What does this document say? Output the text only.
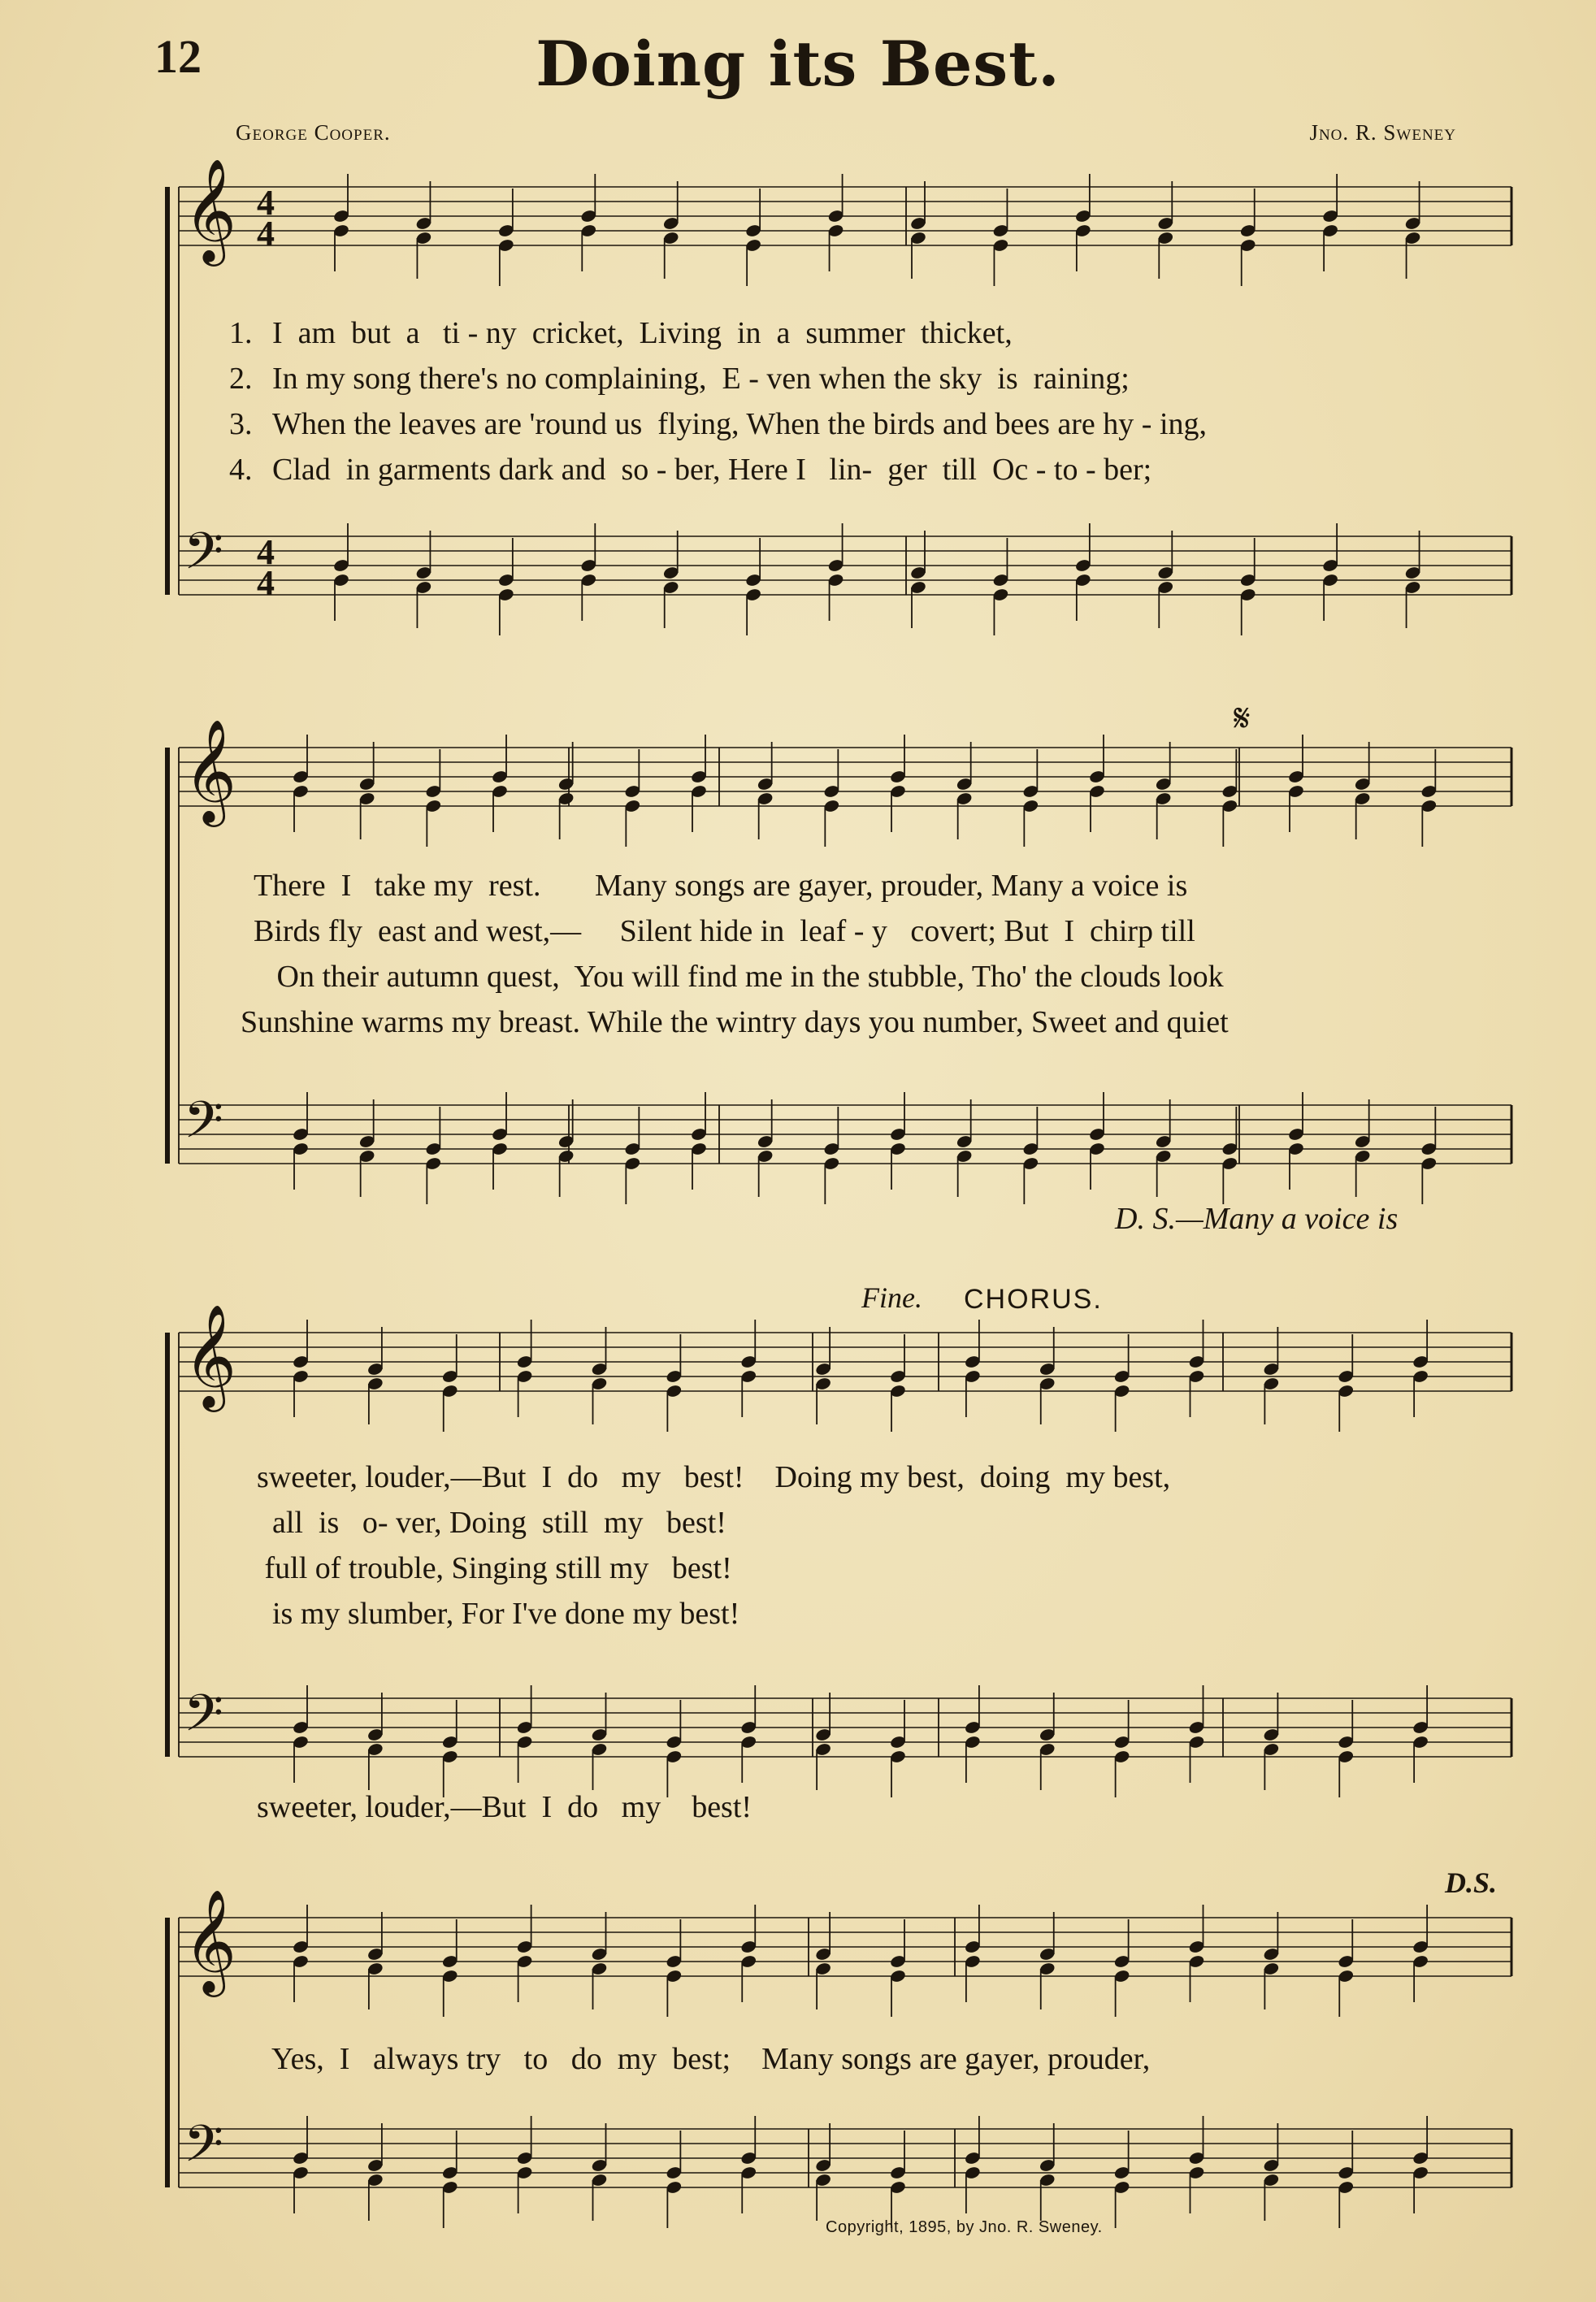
12	Doing its Best.
George Cooper.	Jno. R. Sweney
𝄞 4
4
𝄢 4
4
1.
2.
3.
4.
I  am  but  a   ti - ny  cricket,  Living  in  a  summer  thicket,
In my song there's no complaining,  E - ven when the sky  is  raining;
When the leaves are 'round us  flying, When the birds and bees are hy - ing,
Clad  in garments dark and  so - ber, Here I   lin-  ger  till  Oc - to - ber;
𝄞
𝄢
𝄋
There  I   take my  rest.       Many songs are gayer, prouder, Many a voice is
Birds fly  east and west,—     Silent hide in  leaf - y   covert; But  I  chirp till
On their autumn quest,  You will find me in the stubble, Tho' the clouds look
Sunshine warms my breast. While the wintry days you number, Sweet and quiet
D. S.—Many a voice is
𝄞
𝄢
Fine. CHORUS.
sweeter, louder,—But  I  do   my   best!    Doing my best,  doing  my best,
all  is   o- ver, Doing  still  my   best!
full of trouble, Singing still my   best!
is my slumber, For I've done my best!
sweeter, louder,—But  I  do   my    best!
𝄞
𝄢
D.S.
Yes,  I   always try   to   do  my  best;    Many songs are gayer, prouder,
Copyright, 1895, by Jno. R. Sweney.
